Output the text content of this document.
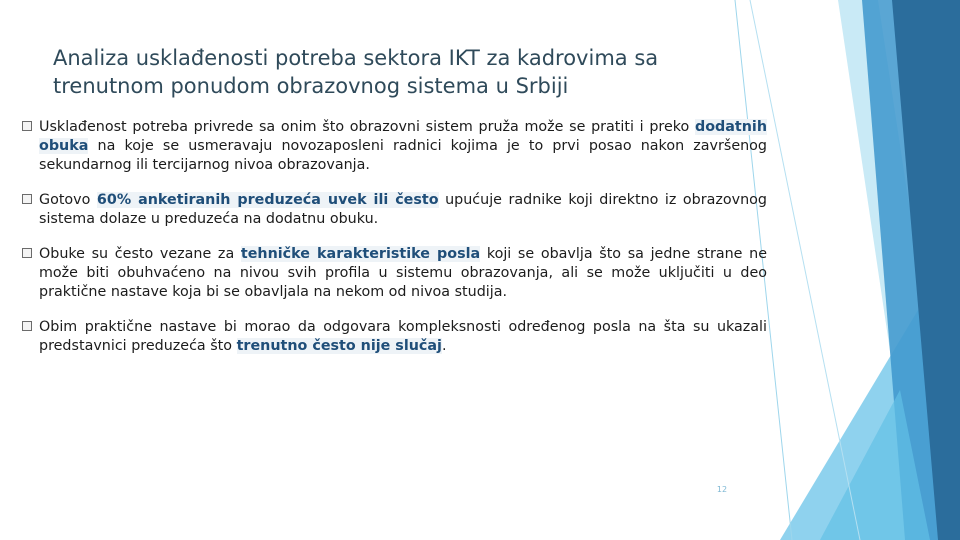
Analiza usklađenosti potreba sektora IKT za kadrovima sa
trenutnom ponudom obrazovnog sistema u Srbiji
Usklađenost potreba privrede sa onim što obrazovni sistem pruža može se pratiti i preko dodatnih obuka na koje se usmeravaju novozaposleni radnici kojima je to prvi posao nakon završenog sekundarnog ili tercijarnog nivoa obrazovanja.
Gotovo 60% anketiranih preduzeća uvek ili često upućuje radnike koji direktno iz obrazovnog sistema dolaze u preduzeća na dodatnu obuku.
Obuke su često vezane za tehničke karakteristike posla koji se obavlja što sa jedne strane ne može biti obuhvaćeno na nivou svih profila u sistemu obrazovanja, ali se može uključiti u deo praktične nastave koja bi se obavljala na nekom od nivoa studija.
Obim praktične nastave bi morao da odgovara kompleksnosti određenog posla na šta su ukazali predstavnici preduzeća što trenutno često nije slučaj.
12
